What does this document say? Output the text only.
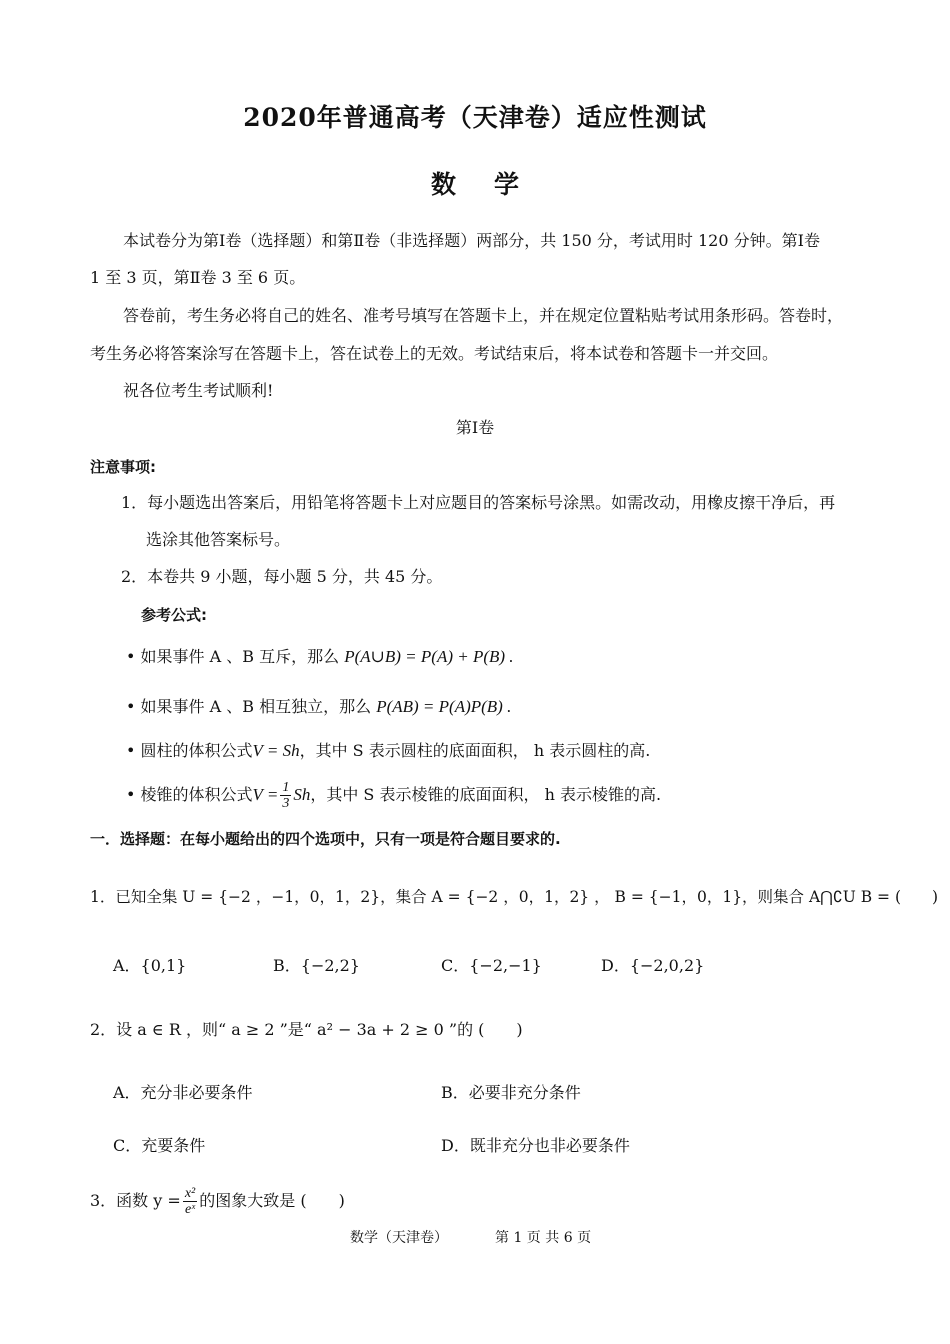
2020年普通高考（天津卷）适应性测试
数学
本试卷分为第Ⅰ卷（选择题）和第Ⅱ卷（非选择题）两部分，共 150 分，考试用时 120 分钟。第Ⅰ卷
1 至 3 页，第Ⅱ卷 3 至 6 页。
答卷前，考生务必将自己的姓名、准考号填写在答题卡上，并在规定位置粘贴考试用条形码。答卷时，
考生务必将答案涂写在答题卡上，答在试卷上的无效。考试结束后，将本试卷和答题卡一并交回。
祝各位考生考试顺利!
第Ⅰ卷
注意事项:
1．每小题选出答案后，用铅笔将答题卡上对应题目的答案标号涂黑。如需改动，用橡皮擦干净后，再
选涂其他答案标号。
2．本卷共 9 小题，每小题 5 分，共 45 分。
参考公式:
• 如果事件 A 、B 互斥，那么 P(A∪B) = P(A) + P(B) .
• 如果事件 A 、B 相互独立，那么 P(AB) = P(A)P(B) .
• 圆柱的体积公式V = Sh，其中 S 表示圆柱的底面面积， h 表示圆柱的高.
• 棱锥的体积公式 $V = \frac{1}{3}$ Sh ，其中 S 表示棱锥的底面面积， h 表示棱锥的高.
一．选择题：在每小题给出的四个选项中，只有一项是符合题目要求的.
1．已知全集 U = {−2 ，−1，0，1，2}，集合 A = {−2 ，0，1，2} ， B = {−1，0，1}，则集合 A⋂∁U B = (　　)
A．{0,1}	B．{−2,2}	C．{−2,−1}	D．{−2,0,2}
2．设 a ∈ R ，则“ a ≥ 2 ”是“ a² − 3a + 2 ≥ 0 ”的 (　　)
A．充分非必要条件	B．必要非充分条件
C．充要条件	D．既非充分也非必要条件
3．函数 $y = \frac{\text{x²}}{\text{eˣ}}$ 的图象大致是 (　　)
数学（天津卷）	第 1 页 共 6 页
